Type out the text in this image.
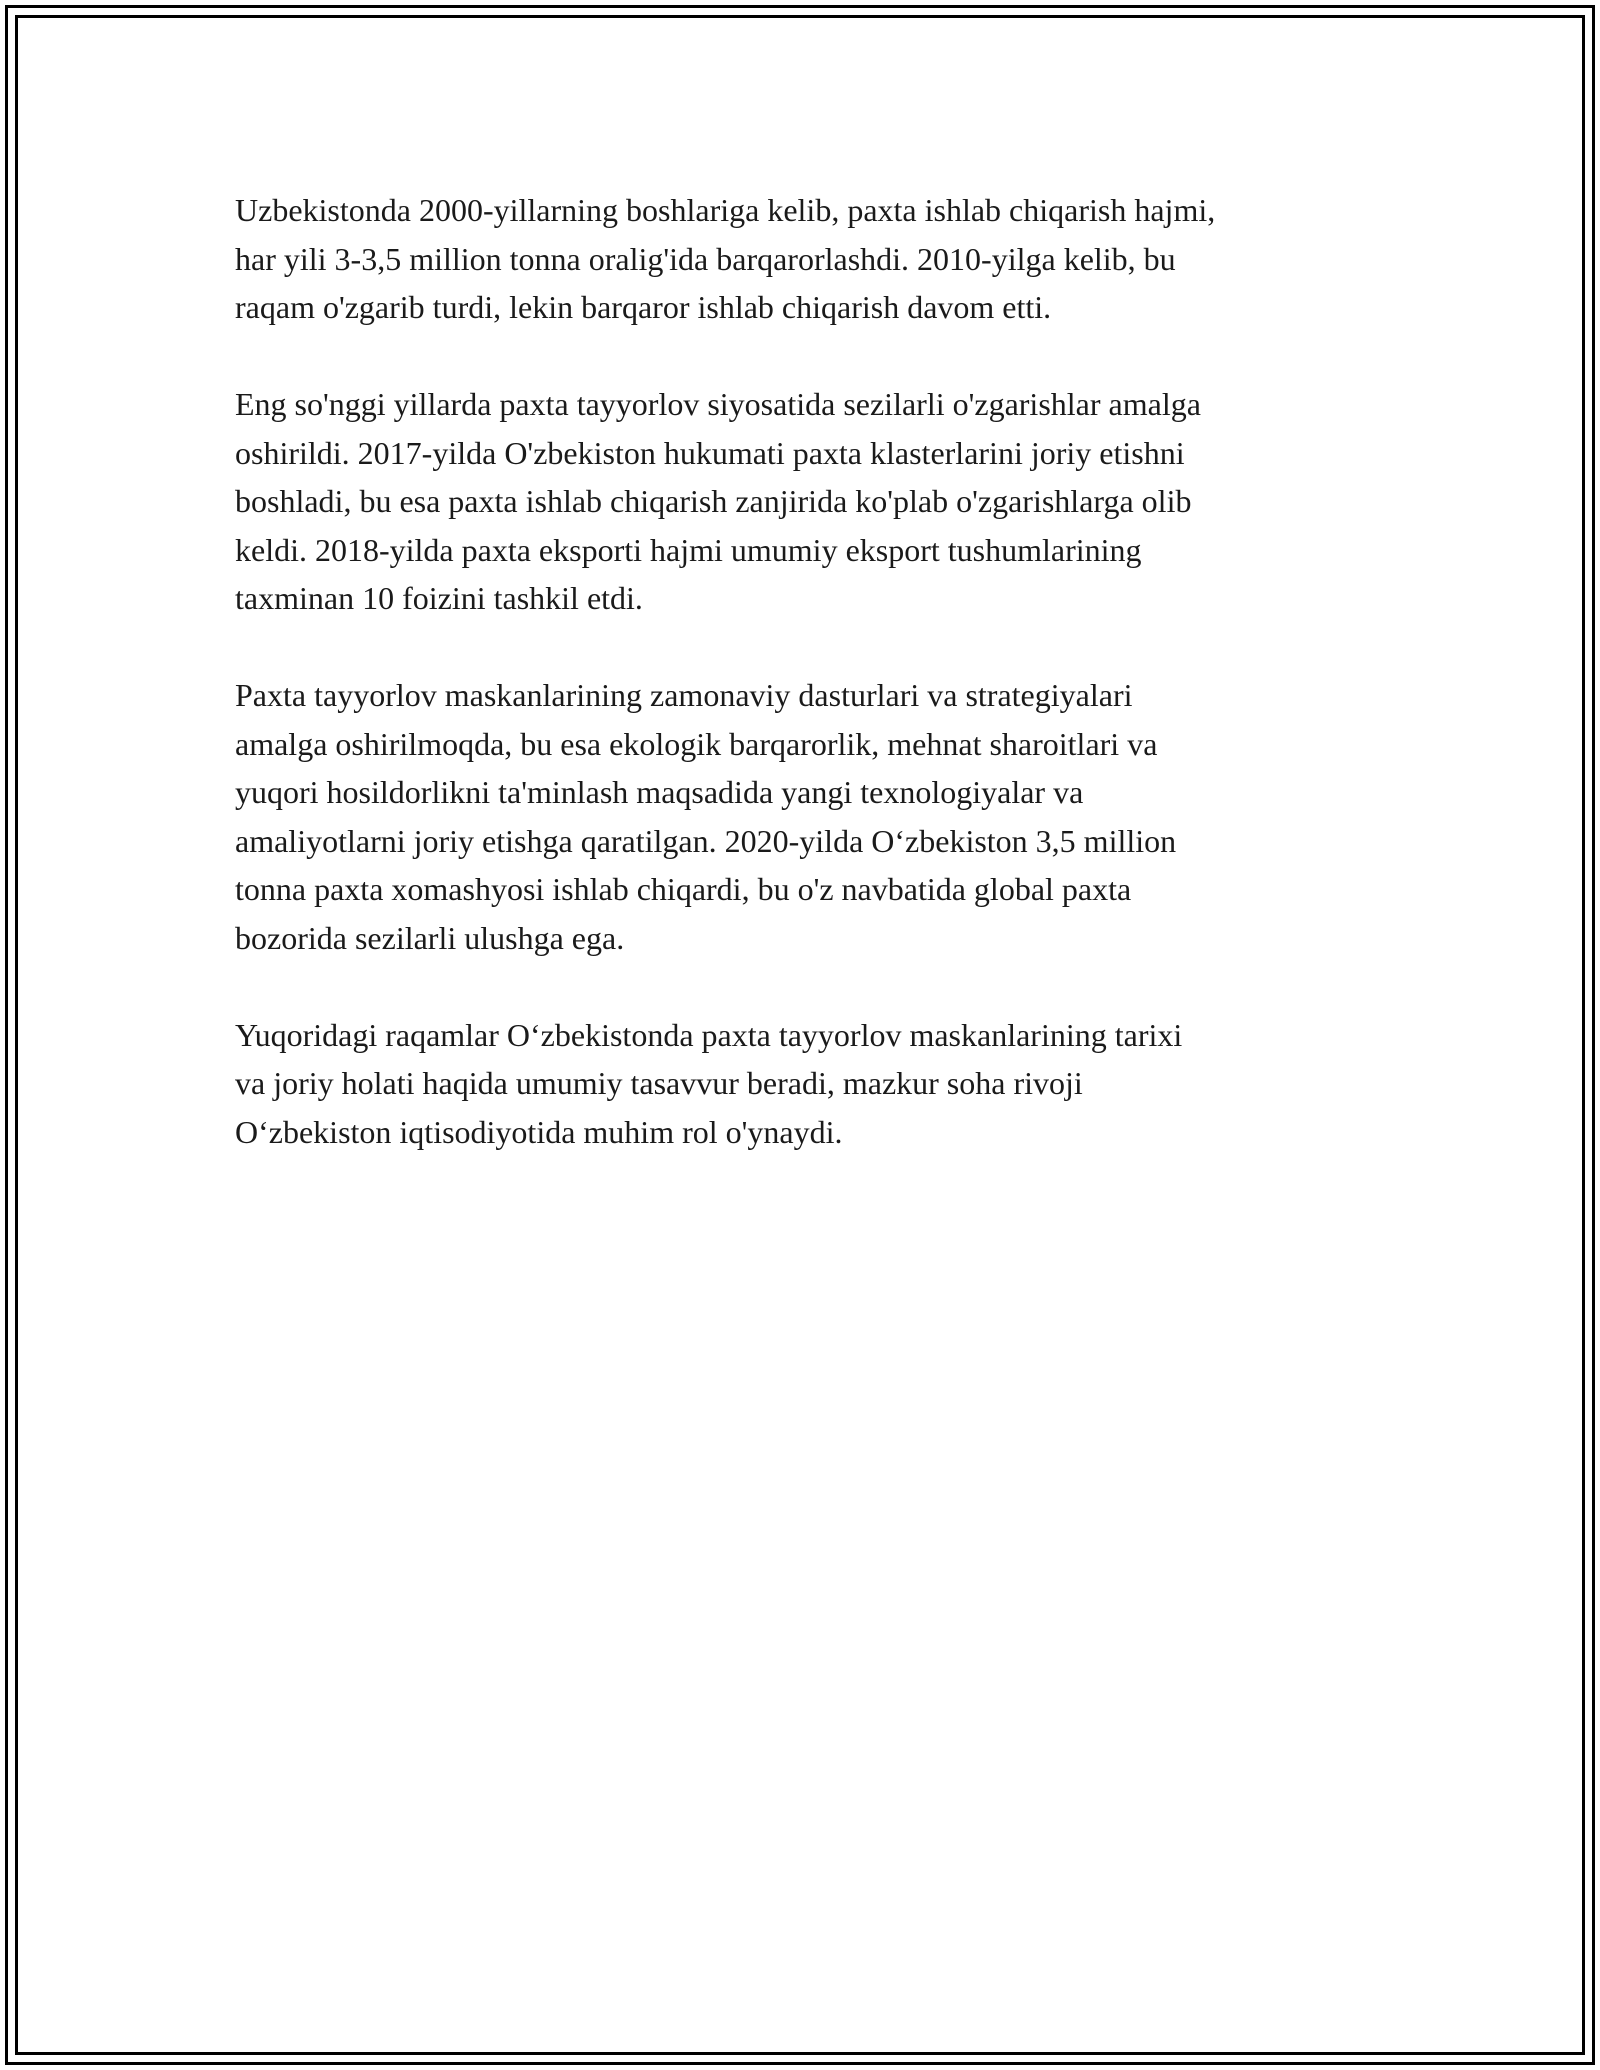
Uzbekistonda 2000-yillarning boshlariga kelib, paxta ishlab chiqarish hajmi,
har yili 3-3,5 million tonna oralig'ida barqarorlashdi. 2010-yilga kelib, bu
raqam o'zgarib turdi, lekin barqaror ishlab chiqarish davom etti.

Eng so'nggi yillarda paxta tayyorlov siyosatida sezilarli o'zgarishlar amalga
oshirildi. 2017-yilda O'zbekiston hukumati paxta klasterlarini joriy etishni
boshladi, bu esa paxta ishlab chiqarish zanjirida ko'plab o'zgarishlarga olib
keldi. 2018-yilda paxta eksporti hajmi umumiy eksport tushumlarining
taxminan 10 foizini tashkil etdi.

Paxta tayyorlov maskanlarining zamonaviy dasturlari va strategiyalari
amalga oshirilmoqda, bu esa ekologik barqarorlik, mehnat sharoitlari va
yuqori hosildorlikni ta'minlash maqsadida yangi texnologiyalar va
amaliyotlarni joriy etishga qaratilgan. 2020-yilda O‘zbekiston 3,5 million
tonna paxta xomashyosi ishlab chiqardi, bu o'z navbatida global paxta
bozorida sezilarli ulushga ega.

Yuqoridagi raqamlar O‘zbekistonda paxta tayyorlov maskanlarining tarixi
va joriy holati haqida umumiy tasavvur beradi, mazkur soha rivoji
O‘zbekiston iqtisodiyotida muhim rol o'ynaydi.
